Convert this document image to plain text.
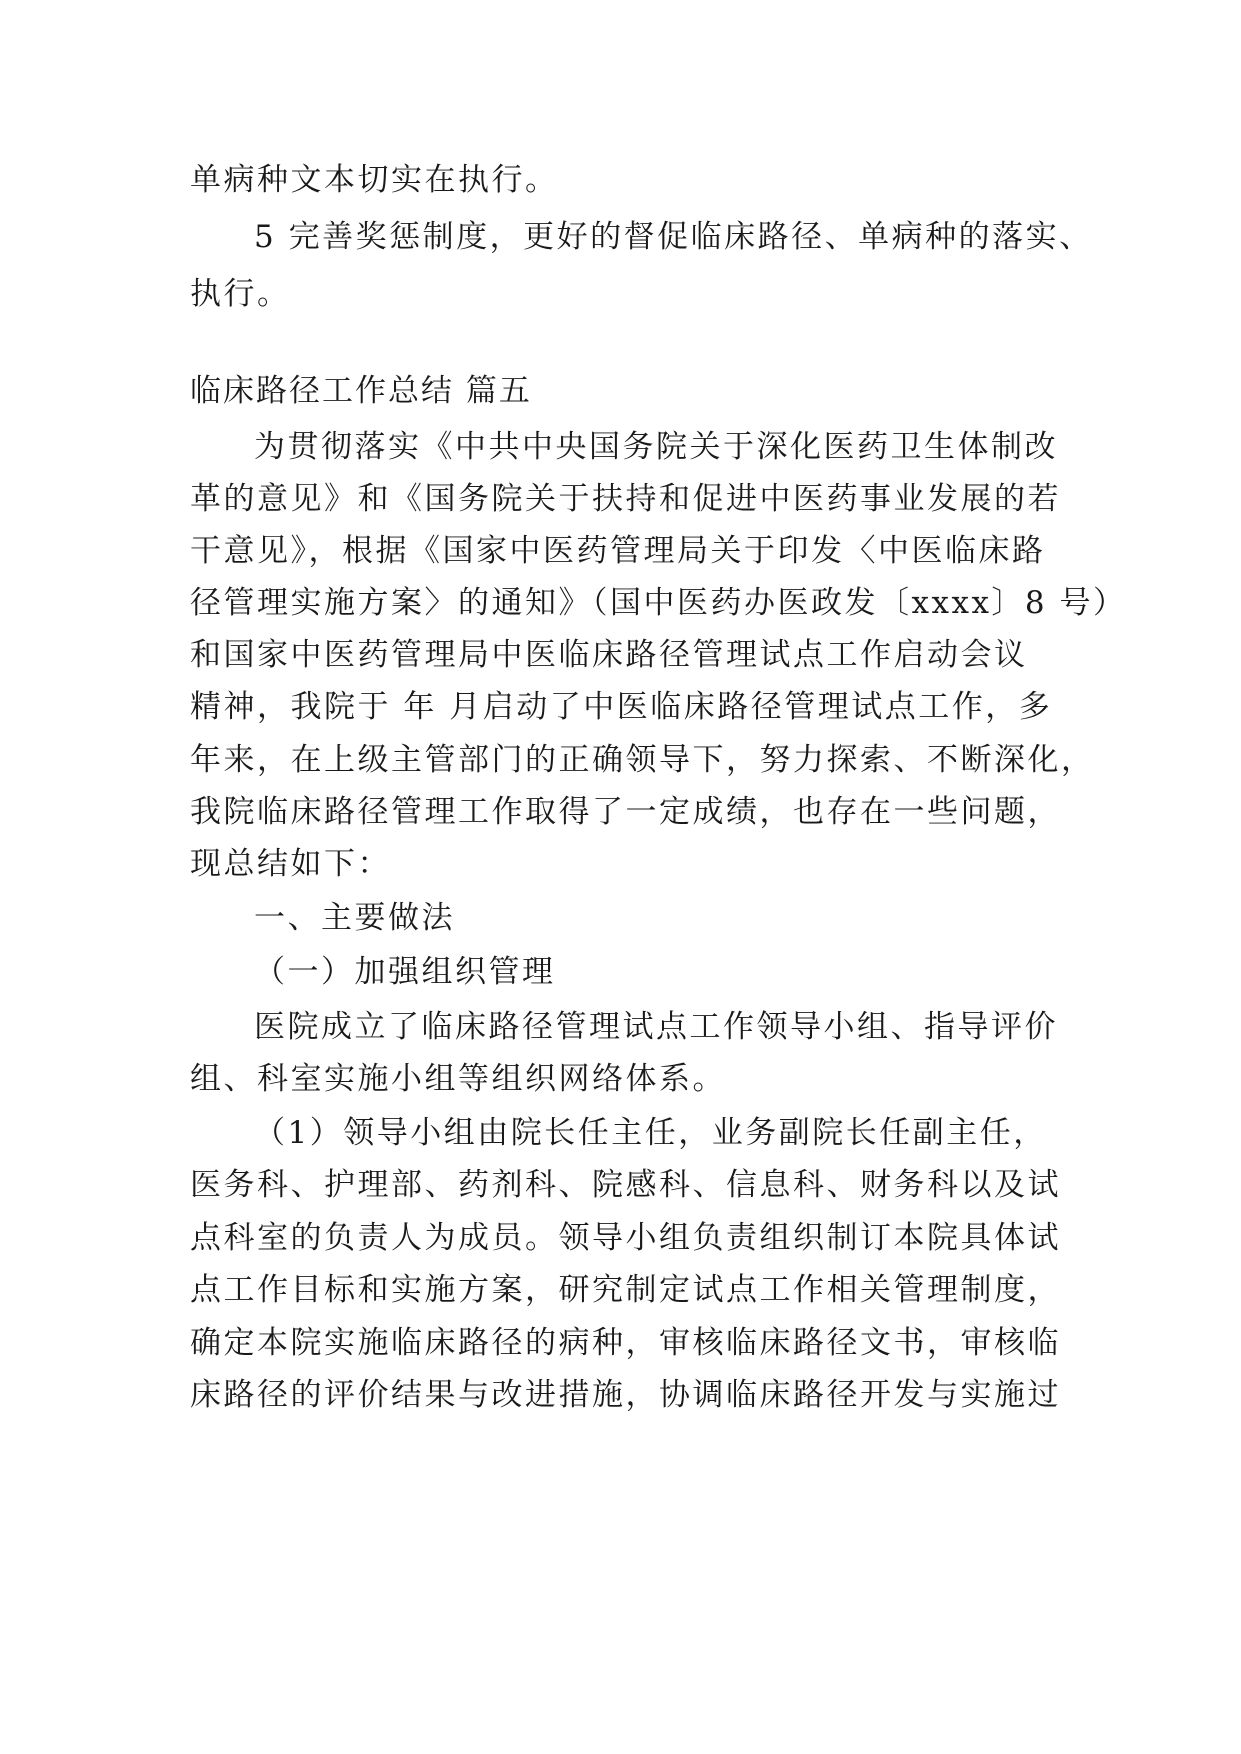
单病种文本切实在执行。
5 完善奖惩制度，更好的督促临床路径、单病种的落实、
执行。
临床路径工作总结 篇五
为贯彻落实《中共中央国务院关于深化医药卫生体制改
革的意见》和《国务院关于扶持和促进中医药事业发展的若
干意见》，根据《国家中医药管理局关于印发〈中医临床路
径管理实施方案〉的通知》（国中医药办医政发〔xxxx〕8 号）
和国家中医药管理局中医临床路径管理试点工作启动会议
精神，我院于 年 月启动了中医临床路径管理试点工作，多
年来，在上级主管部门的正确领导下，努力探索、不断深化，
我院临床路径管理工作取得了一定成绩，也存在一些问题，
现总结如下：
一、主要做法
（一）加强组织管理
医院成立了临床路径管理试点工作领导小组、指导评价
组、科室实施小组等组织网络体系。
（1）领导小组由院长任主任，业务副院长任副主任，
医务科、护理部、药剂科、院感科、信息科、财务科以及试
点科室的负责人为成员。领导小组负责组织制订本院具体试
点工作目标和实施方案，研究制定试点工作相关管理制度，
确定本院实施临床路径的病种，审核临床路径文书，审核临
床路径的评价结果与改进措施，协调临床路径开发与实施过
